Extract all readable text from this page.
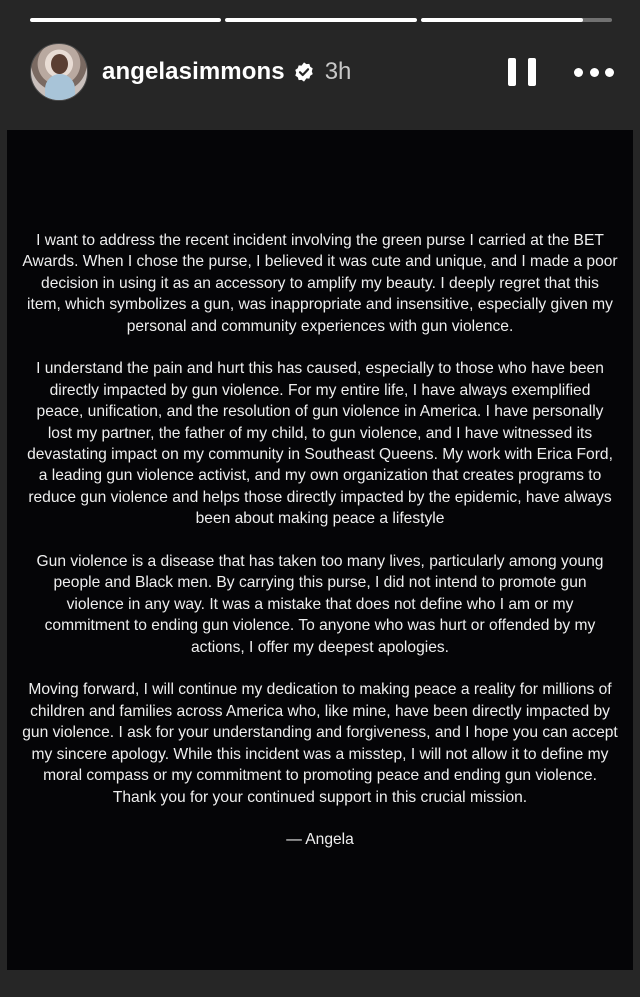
angelasimmons 3h
I want to address the recent incident involving the green purse I carried at the BET
Awards. When I chose the purse, I believed it was cute and unique, and I made a poor
decision in using it as an accessory to amplify my beauty. I deeply regret that this
item, which symbolizes a gun, was inappropriate and insensitive, especially given my
personal and community experiences with gun violence.
I understand the pain and hurt this has caused, especially to those who have been
directly impacted by gun violence. For my entire life, I have always exemplified
peace, unification, and the resolution of gun violence in America. I have personally
lost my partner, the father of my child, to gun violence, and I have witnessed its
devastating impact on my community in Southeast Queens. My work with Erica Ford,
a leading gun violence activist, and my own organization that creates programs to
reduce gun violence and helps those directly impacted by the epidemic, have always
been about making peace a lifestyle
Gun violence is a disease that has taken too many lives, particularly among young
people and Black men. By carrying this purse, I did not intend to promote gun
violence in any way. It was a mistake that does not define who I am or my
commitment to ending gun violence. To anyone who was hurt or offended by my
actions, I offer my deepest apologies.
Moving forward, I will continue my dedication to making peace a reality for millions of
children and families across America who, like mine, have been directly impacted by
gun violence. I ask for your understanding and forgiveness, and I hope you can accept
my sincere apology. While this incident was a misstep, I will not allow it to define my
moral compass or my commitment to promoting peace and ending gun violence.
Thank you for your continued support in this crucial mission.
— Angela
